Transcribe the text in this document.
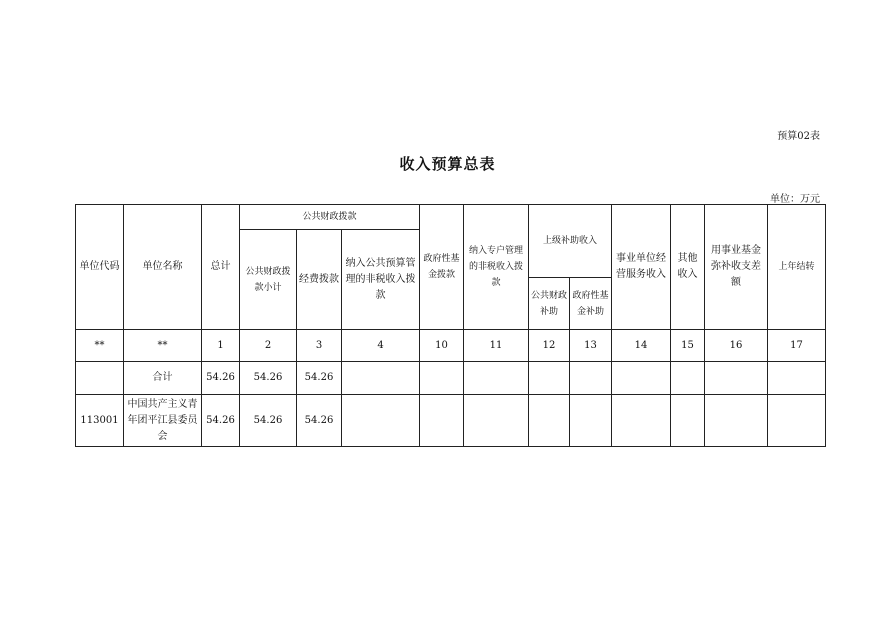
预算02表
收入预算总表
单位：万元
单位代码	单位名称	总计	公共财政拨款			政府性基金拨款	纳入专户管理的非税收入拨款	上级补助收入		事业单位经营服务收入	其他收入	用事业基金弥补收支差额	上年结转
			公共财政拨款小计	经费拨款	纳入公共预算管理的非税收入拨款								
								公共财政补助	政府性基金补助				
**	**	1	2	3	4	10	11	12	13	14	15	16	17
	合计	54.26	54.26	54.26									
113001	中国共产主义青年团平江县委员会	54.26	54.26	54.26									
